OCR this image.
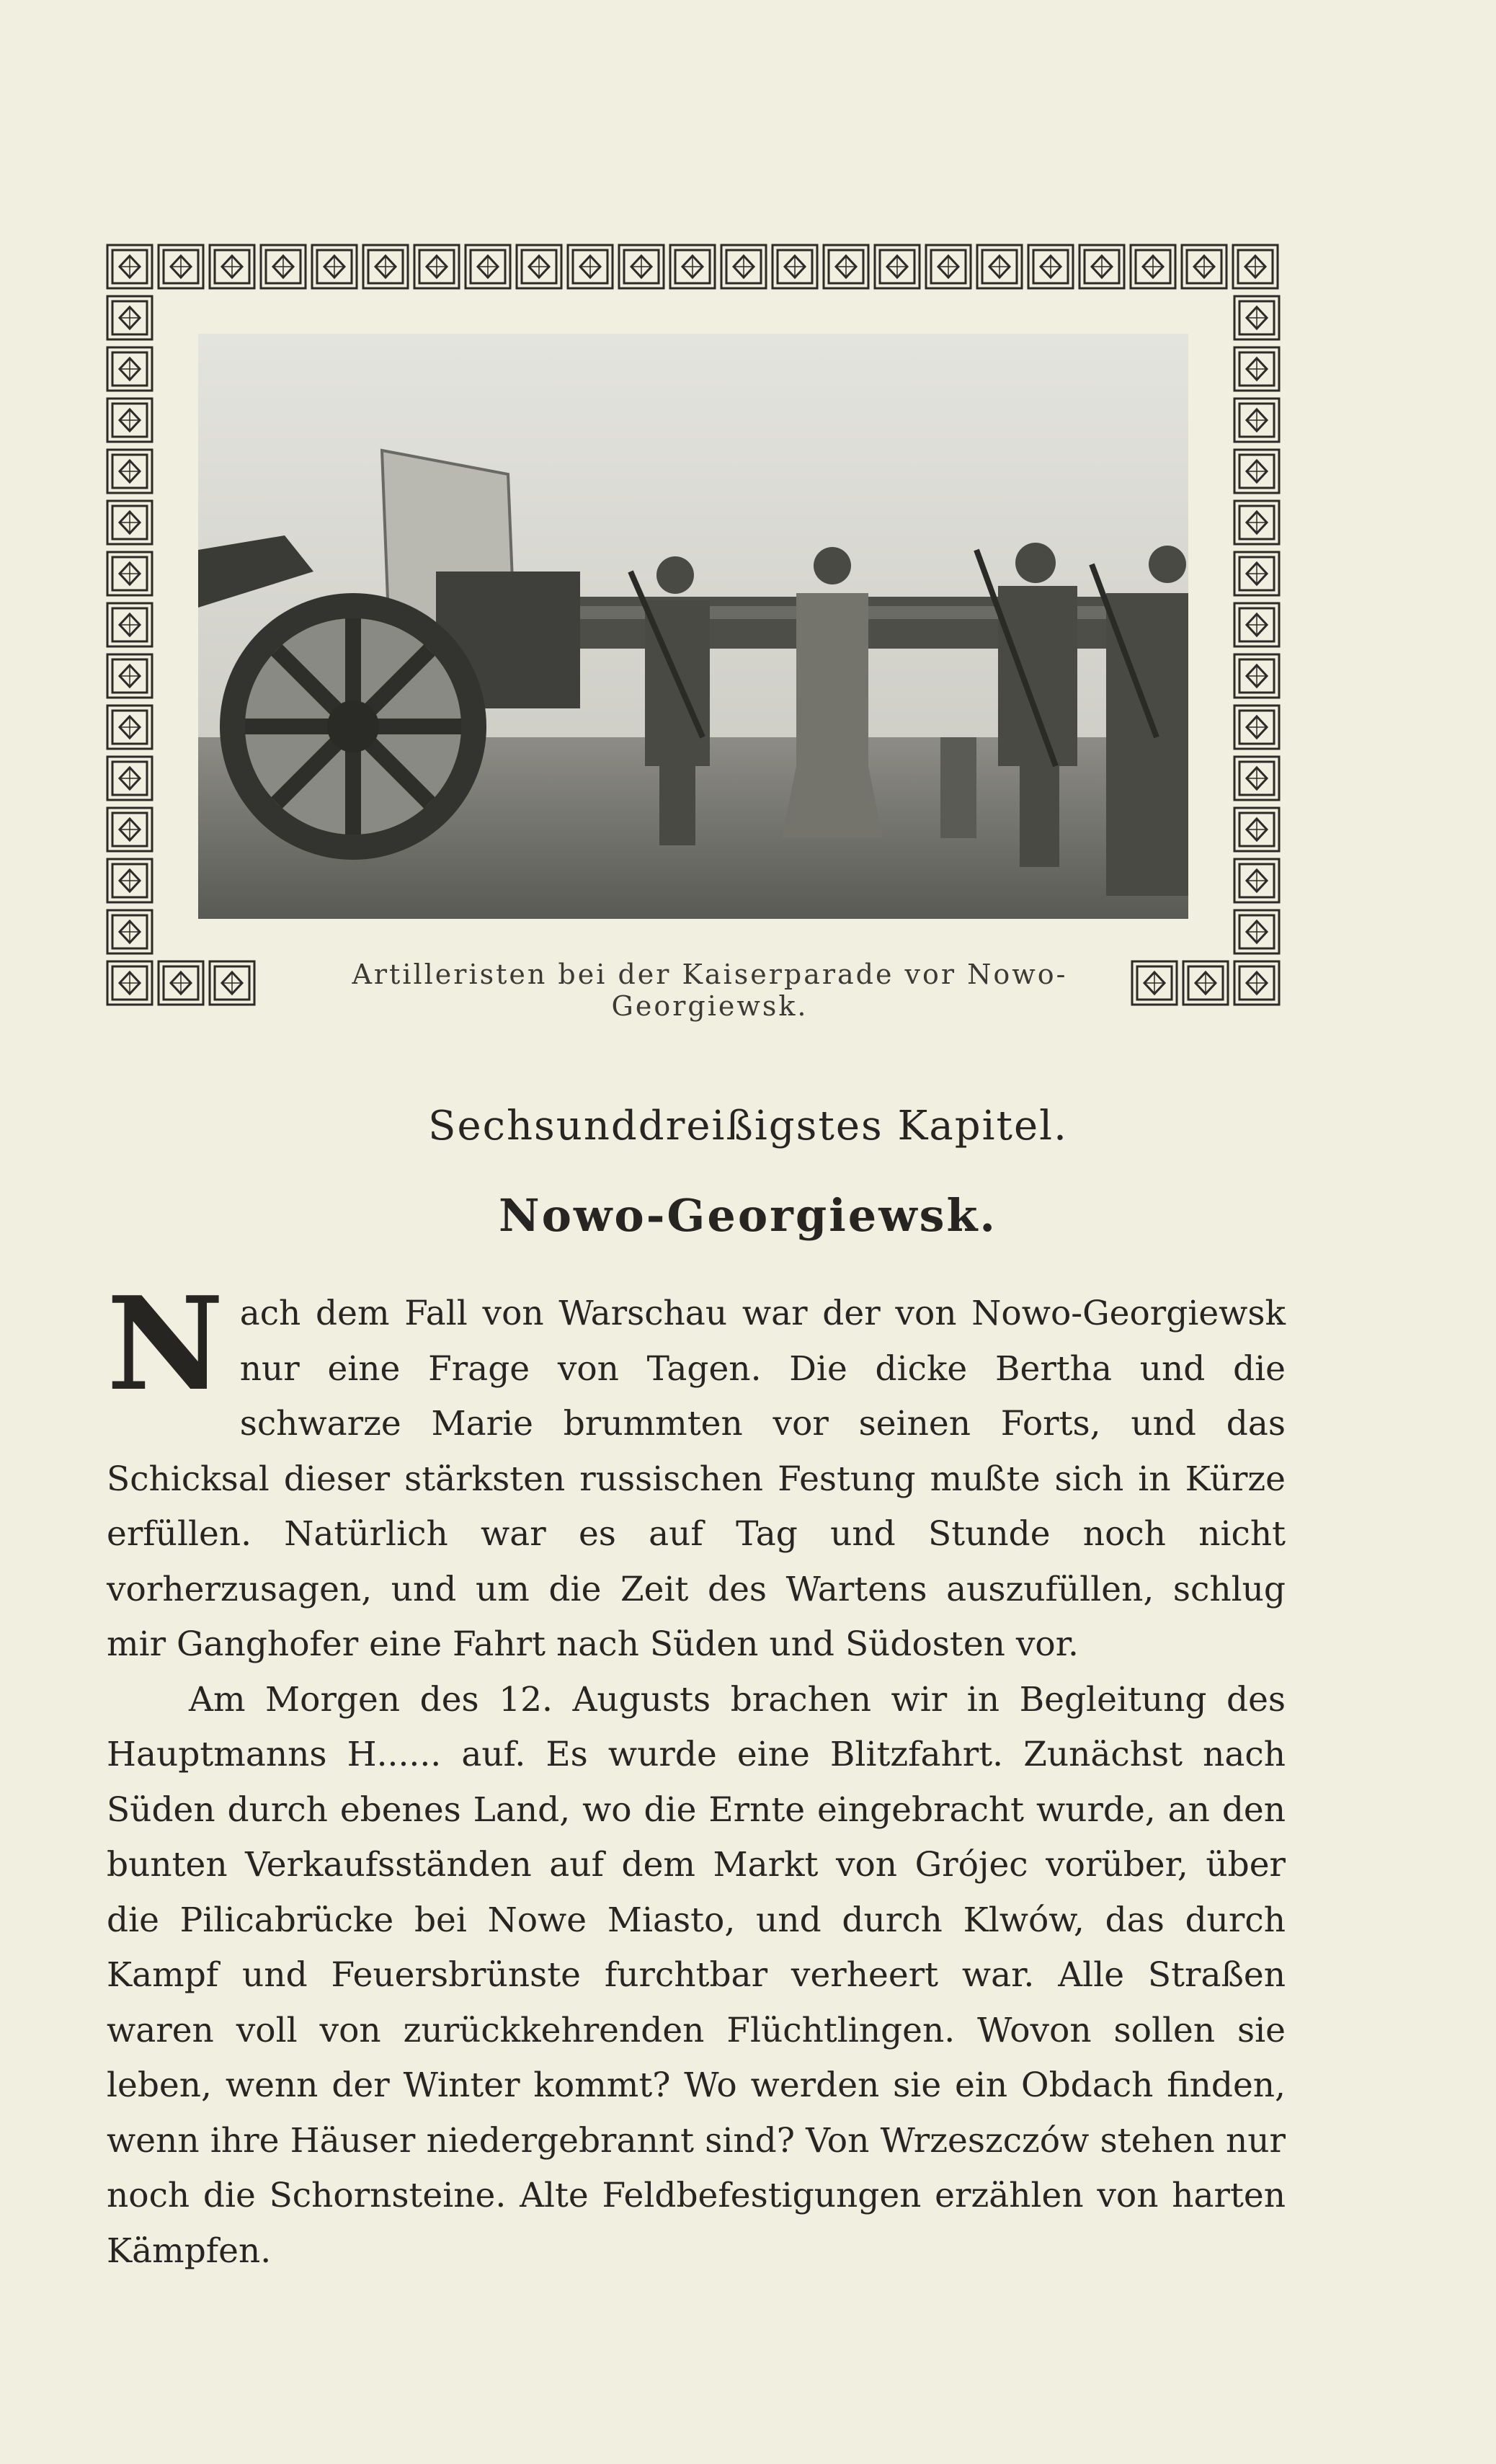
Artilleristen bei der Kaiserparade vor Nowo-Georgiewsk.
Sechsunddreißigstes Kapitel.
Nowo-Georgiewsk.

Nach dem Fall von Warschau war der von Nowo-Georgiewsk nur eine Frage von Tagen. Die dicke Bertha und die schwarze Marie brummten vor seinen Forts, und das Schicksal dieser stärksten russischen Festung mußte sich in Kürze erfüllen. Natürlich war es auf Tag und Stunde noch nicht vorherzusagen, und um die Zeit des Wartens auszufüllen, schlug mir Ganghofer eine Fahrt nach Süden und Südosten vor.

Am Morgen des 12. Augusts brachen wir in Begleitung des Hauptmanns H...... auf. Es wurde eine Blitzfahrt. Zunächst nach Süden durch ebenes Land, wo die Ernte eingebracht wurde, an den bunten Verkaufsständen auf dem Markt von Grójec vorüber, über die Pilicabrücke bei Nowe Miasto, und durch Klwów, das durch Kampf und Feuersbrünste furchtbar verheert war. Alle Straßen waren voll von zurückkehrenden Flüchtlingen. Wovon sollen sie leben, wenn der Winter kommt? Wo werden sie ein Obdach finden, wenn ihre Häuser niedergebrannt sind? Von Wrzeszczów stehen nur noch die Schornsteine. Alte Feldbefestigungen erzählen von harten Kämpfen.
